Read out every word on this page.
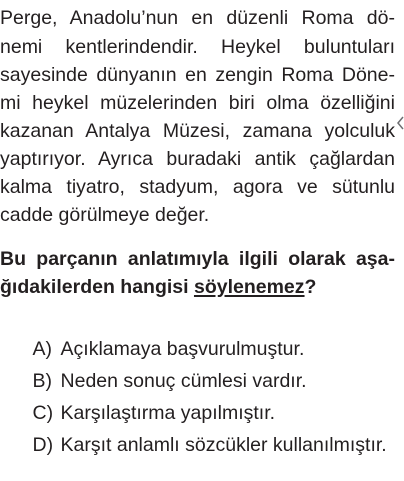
Perge, Anadolu’nun en düzenli Roma dö-
nemi kentlerindendir. Heykel buluntuları
sayesinde dünyanın en zengin Roma Döne-
mi heykel müzelerinden biri olma özelliğini
kazanan Antalya Müzesi, zamana yolculuk
yaptırıyor. Ayrıca buradaki antik çağlardan
kalma tiyatro, stadyum, agora ve sütunlu
cadde görülmeye değer.
Bu parçanın anlatımıyla ilgili olarak aşa-
ğıdakilerden hangisi söylenemez?

A) Açıklamaya başvurulmuştur.

B) Neden sonuç cümlesi vardır.

C) Karşılaştırma yapılmıştır.

D) Karşıt anlamlı sözcükler kullanılmıştır.
